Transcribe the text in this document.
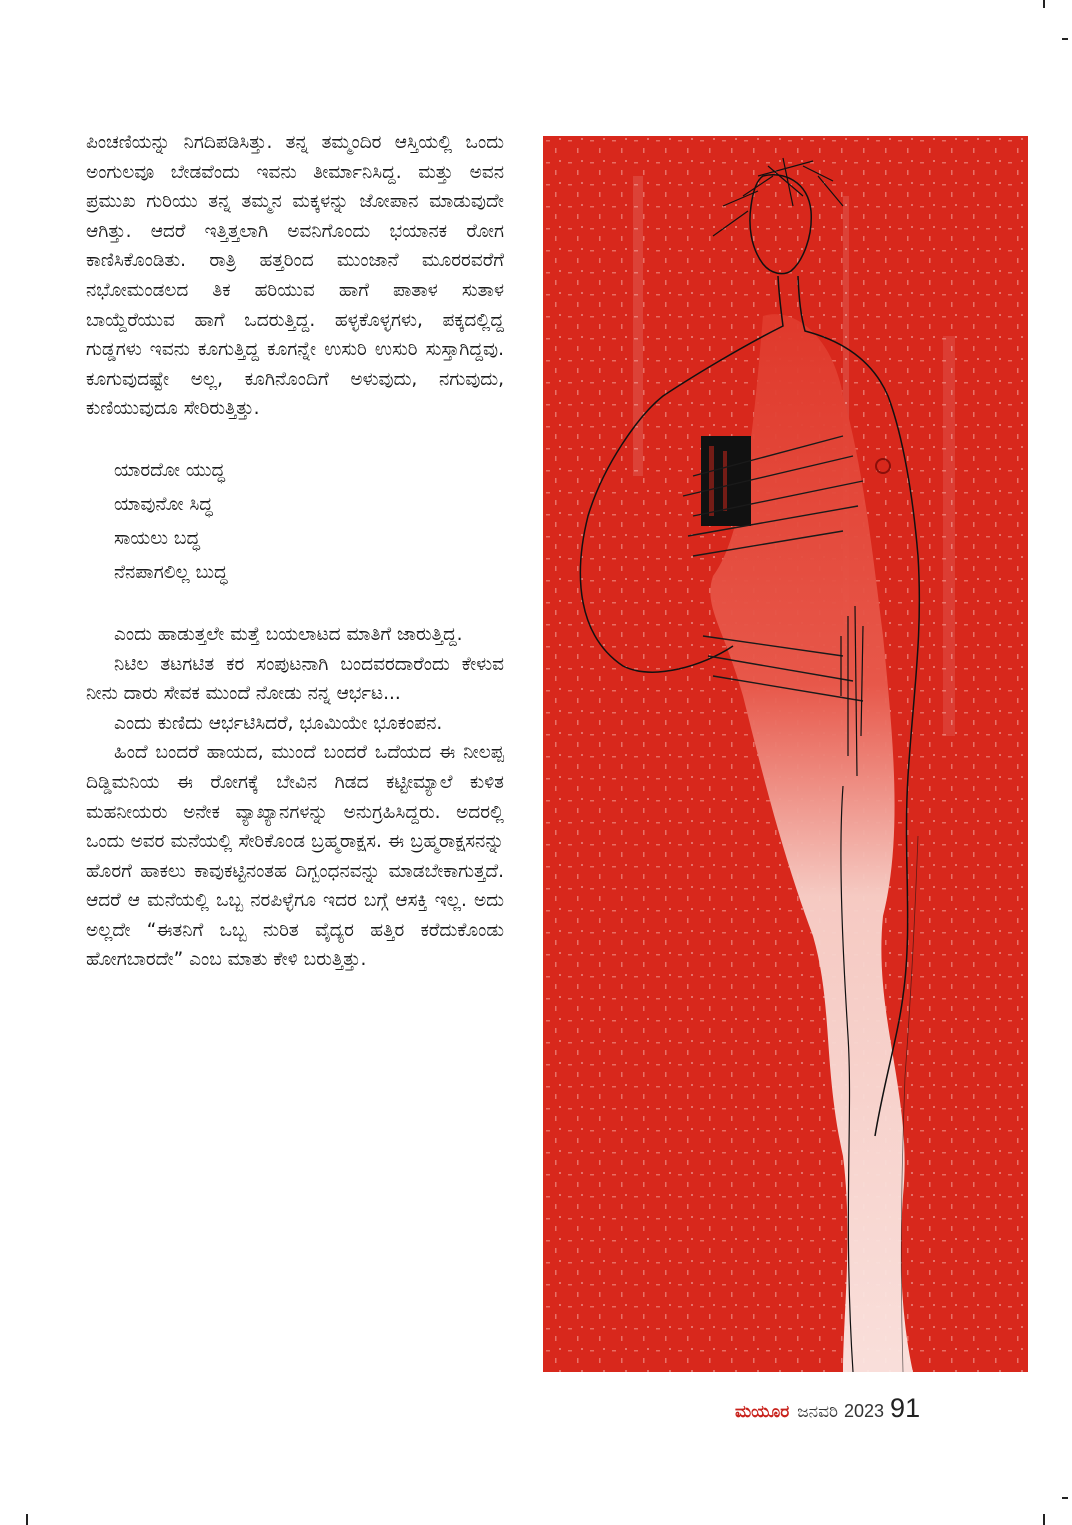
ಪಿಂಚಣಿಯನ್ನು ನಿಗದಿಪಡಿಸಿತ್ತು. ತನ್ನ ತಮ್ಮಂದಿರ ಆಸ್ತಿಯಲ್ಲಿ ಒಂದು ಅಂಗುಲವೂ ಬೇಡವೆಂದು ಇವನು ತೀರ್ಮಾನಿಸಿದ್ದ. ಮತ್ತು ಅವನ ಪ್ರಮುಖ ಗುರಿಯು ತನ್ನ ತಮ್ಮನ ಮಕ್ಕಳನ್ನು ಜೋಪಾನ ಮಾಡುವುದೇ ಆಗಿತ್ತು. ಆದರೆ ಇತ್ತಿತ್ತಲಾಗಿ ಅವನಿಗೊಂದು ಭಯಾನಕ ರೋಗ ಕಾಣಿಸಿಕೊಂಡಿತು. ರಾತ್ರಿ ಹತ್ತರಿಂದ ಮುಂಜಾನೆ ಮೂರರವರೆಗೆ ನಭೋಮಂಡಲದ ತಿಕ ಹರಿಯುವ ಹಾಗೆ ಪಾತಾಳ ಸುತಾಳ ಬಾಯ್ದೆರೆಯುವ ಹಾಗೆ ಒದರುತ್ತಿದ್ದ. ಹಳ್ಳಕೊಳ್ಳಗಳು, ಪಕ್ಕದಲ್ಲಿದ್ದ ಗುಡ್ಡಗಳು ಇವನು ಕೂಗುತ್ತಿದ್ದ ಕೂಗನ್ನೇ ಉಸುರಿ ಉಸುರಿ ಸುಸ್ತಾಗಿದ್ದವು. ಕೂಗುವುದಷ್ಟೇ ಅಲ್ಲ, ಕೂಗಿನೊಂದಿಗೆ ಅಳುವುದು, ನಗುವುದು, ಕುಣಿಯುವುದೂ ಸೇರಿರುತ್ತಿತ್ತು.

ಯಾರದೋ ಯುದ್ಧ
ಯಾವುನೋ ಸಿದ್ಧ
ಸಾಯಲು ಬದ್ಧ
ನೆನಪಾಗಲಿಲ್ಲ ಬುದ್ಧ

ಎಂದು ಹಾಡುತ್ತಲೇ ಮತ್ತೆ ಬಯಲಾಟದ ಮಾತಿಗೆ ಜಾರುತ್ತಿದ್ದ.

ನಿಟಿಲ ತಟಗಟಿತ ಕರ ಸಂಪುಟನಾಗಿ ಬಂದವರದಾರೆಂದು ಕೇಳುವ ನೀನು ದಾರು ಸೇವಕ ಮುಂದೆ ನೋಡು ನನ್ನ ಆರ್ಭಟ...

ಎಂದು ಕುಣಿದು ಆರ್ಭಟಿಸಿದರೆ, ಭೂಮಿಯೇ ಭೂಕಂಪನ.

ಹಿಂದೆ ಬಂದರೆ ಹಾಯದ, ಮುಂದೆ ಬಂದರೆ ಒದೆಯದ ಈ ನೀಲಪ್ಪ ದಿಡ್ಡಿಮನಿಯ ಈ ರೋಗಕ್ಕೆ ಬೇವಿನ ಗಿಡದ ಕಟ್ಟೀಮ್ಯಾಲೆ ಕುಳಿತ ಮಹನೀಯರು ಅನೇಕ ವ್ಯಾಖ್ಯಾನಗಳನ್ನು ಅನುಗ್ರಹಿಸಿದ್ದರು. ಅದರಲ್ಲಿ ಒಂದು ಅವರ ಮನೆಯಲ್ಲಿ ಸೇರಿಕೊಂಡ ಬ್ರಹ್ಮರಾಕ್ಷಸ. ಈ ಬ್ರಹ್ಮರಾಕ್ಷಸನನ್ನು ಹೊರಗೆ ಹಾಕಲು ಕಾವುಕಟ್ಟಿನಂತಹ ದಿಗ್ಬಂಧನವನ್ನು ಮಾಡಬೇಕಾಗುತ್ತದೆ. ಆದರೆ ಆ ಮನೆಯಲ್ಲಿ ಒಬ್ಬ ನರಪಿಳ್ಳೆಗೂ ಇದರ ಬಗ್ಗೆ ಆಸಕ್ತಿ ಇಲ್ಲ. ಅದು ಅಲ್ಲದೇ “ಈತನಿಗೆ ಒಬ್ಬ ನುರಿತ ವೈದ್ಯರ ಹತ್ತಿರ ಕರೆದುಕೊಂಡು ಹೋಗಬಾರದೇ” ಎಂಬ ಮಾತು ಕೇಳಿ ಬರುತ್ತಿತ್ತು.

ಮಯೂರ ಜನವರಿ 2023 91
